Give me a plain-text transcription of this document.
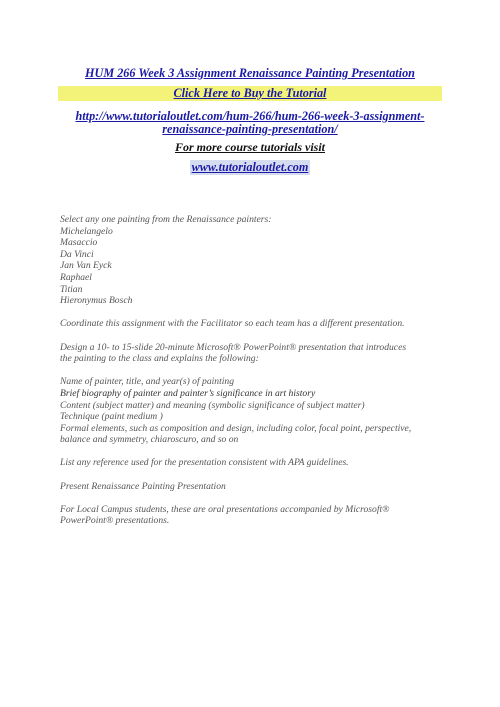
HUM 266 Week 3 Assignment Renaissance Painting Presentation
Click Here to Buy the Tutorial
http://www.tutorialoutlet.com/hum-266/hum-266-week-3-assignment-
renaissance-painting-presentation/
For more course tutorials visit
www.tutorialoutlet.com

Select any one painting from the Renaissance painters:
Michelangelo
Masaccio
Da Vinci
Jan Van Eyck
Raphael
Titian
Hieronymus Bosch

Coordinate this assignment with the Facilitator so each team has a different presentation.

Design a 10- to 15-slide 20-minute Microsoft® PowerPoint® presentation that introduces
the painting to the class and explains the following:

Name of painter, title, and year(s) of painting
Brief biography of painter and painter’s significance in art history
Content (subject matter) and meaning (symbolic significance of subject matter)
Technique (paint medium )
Formal elements, such as composition and design, including color, focal point, perspective,
balance and symmetry, chiaroscuro, and so on

List any reference used for the presentation consistent with APA guidelines.

Present Renaissance Painting Presentation

For Local Campus students, these are oral presentations accompanied by Microsoft®
PowerPoint® presentations.
